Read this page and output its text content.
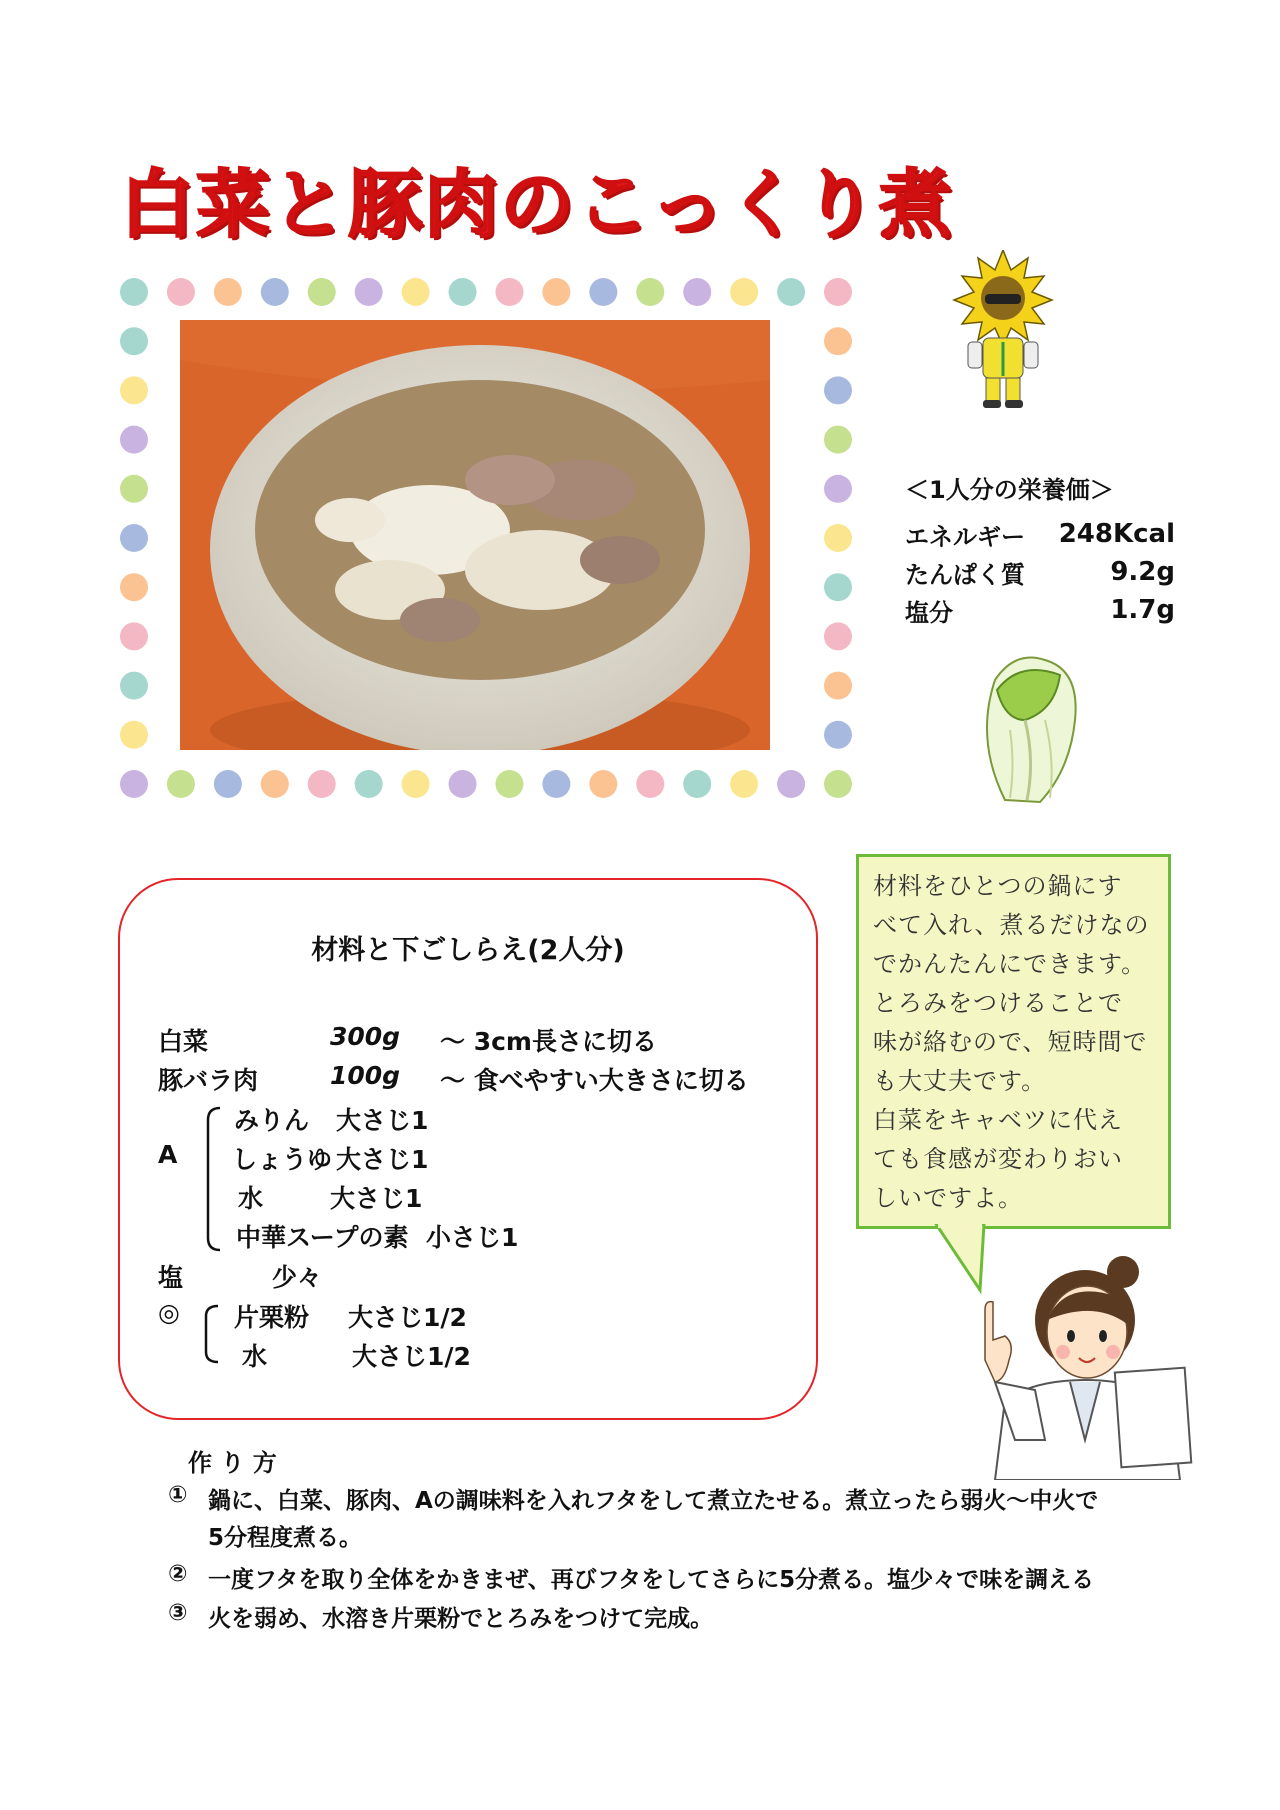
白菜と豚肉のこっくり煮
＜1人分の栄養価＞
エネルギー	248Kcal
たんぱく質	9.2g
塩分	1.7g
材料と下ごしらえ(2人分)
白菜	300g ～ 3cm長さに切る
豚バラ肉	100g ～ 食べやすい大きさに切る
A
みりん 大さじ1
しょうゆ 大さじ1
水	大さじ1
中華スープの素 小さじ1
塩	少々
◎ 片栗粉 大さじ1/2
水	大さじ1/2
材料をひとつの鍋にす
べて入れ、煮るだけなの
でかんたんにできます。
とろみをつけることで
味が絡むので、短時間で
も大丈夫です。
白菜をキャベツに代え
ても食感が変わりおい
しいですよ。
作 り 方
① 鍋に、白菜、豚肉、Aの調味料を入れフタをして煮立たせる。煮立ったら弱火～中火で
5分程度煮る。
② 一度フタを取り全体をかきまぜ、再びフタをしてさらに5分煮る。塩少々で味を調える
③ 火を弱め、水溶き片栗粉でとろみをつけて完成。
